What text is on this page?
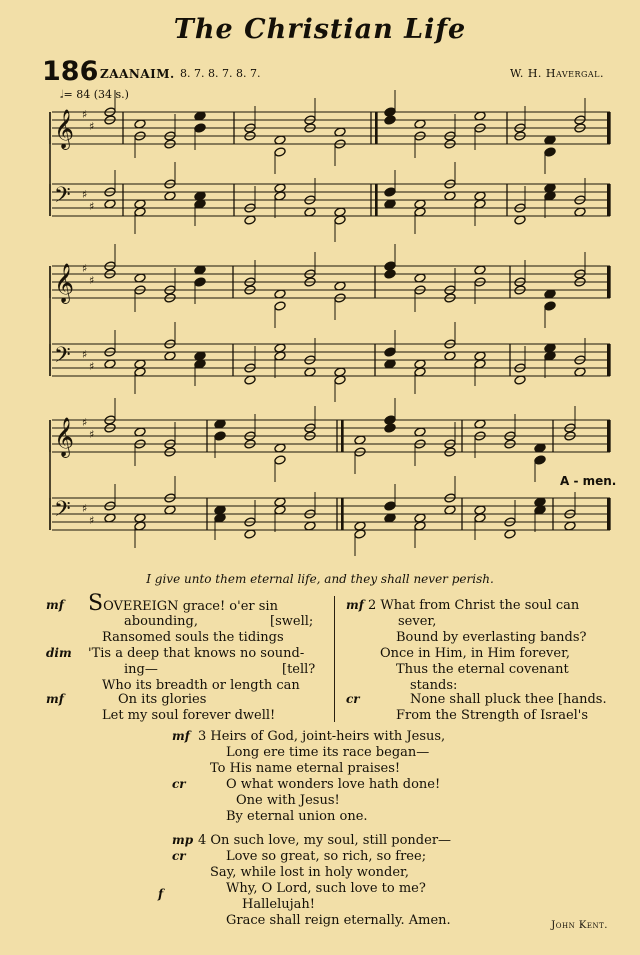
The Christian Life
186 ZAANAIM. 8. 7. 8. 7. 8. 7.	W. H. Havergal.
𝅗𝅥= 84 (34 s.)
𝄞 ♯
♯
𝄢 ♯
♯
𝄞 ♯
♯
𝄢 ♯
♯
𝄞 ♯
♯
𝄢 ♯
♯
A - men.
I give unto them eternal life, and they shall never perish.
mf SOVEREIGN grace! o'er sin
abounding,	[swell;
Ransomed souls the tidings
dim 'Tis a deep that knows no sound-
ing—	[tell?
Who its breadth or length can
mf	On its glories
Let my soul forever dwell!
mf 2 What from Christ the soul can
sever,
Bound by everlasting bands?
Once in Him, in Him forever,
Thus the eternal covenant
stands:
cr	None shall pluck thee [hands.
From the Strength of Israel's
mf 3 Heirs of God, joint-heirs with Jesus,
Long ere time its race began—
To His name eternal praises!
cr	O what wonders love hath done!
One with Jesus!
By eternal union one.
mp 4 On such love, my soul, still ponder—
cr	Love so great, so rich, so free;
Say, while lost in holy wonder,
Why, O Lord, such love to me?
f
Hallelujah!
Grace shall reign eternally. Amen.	John Kent.
